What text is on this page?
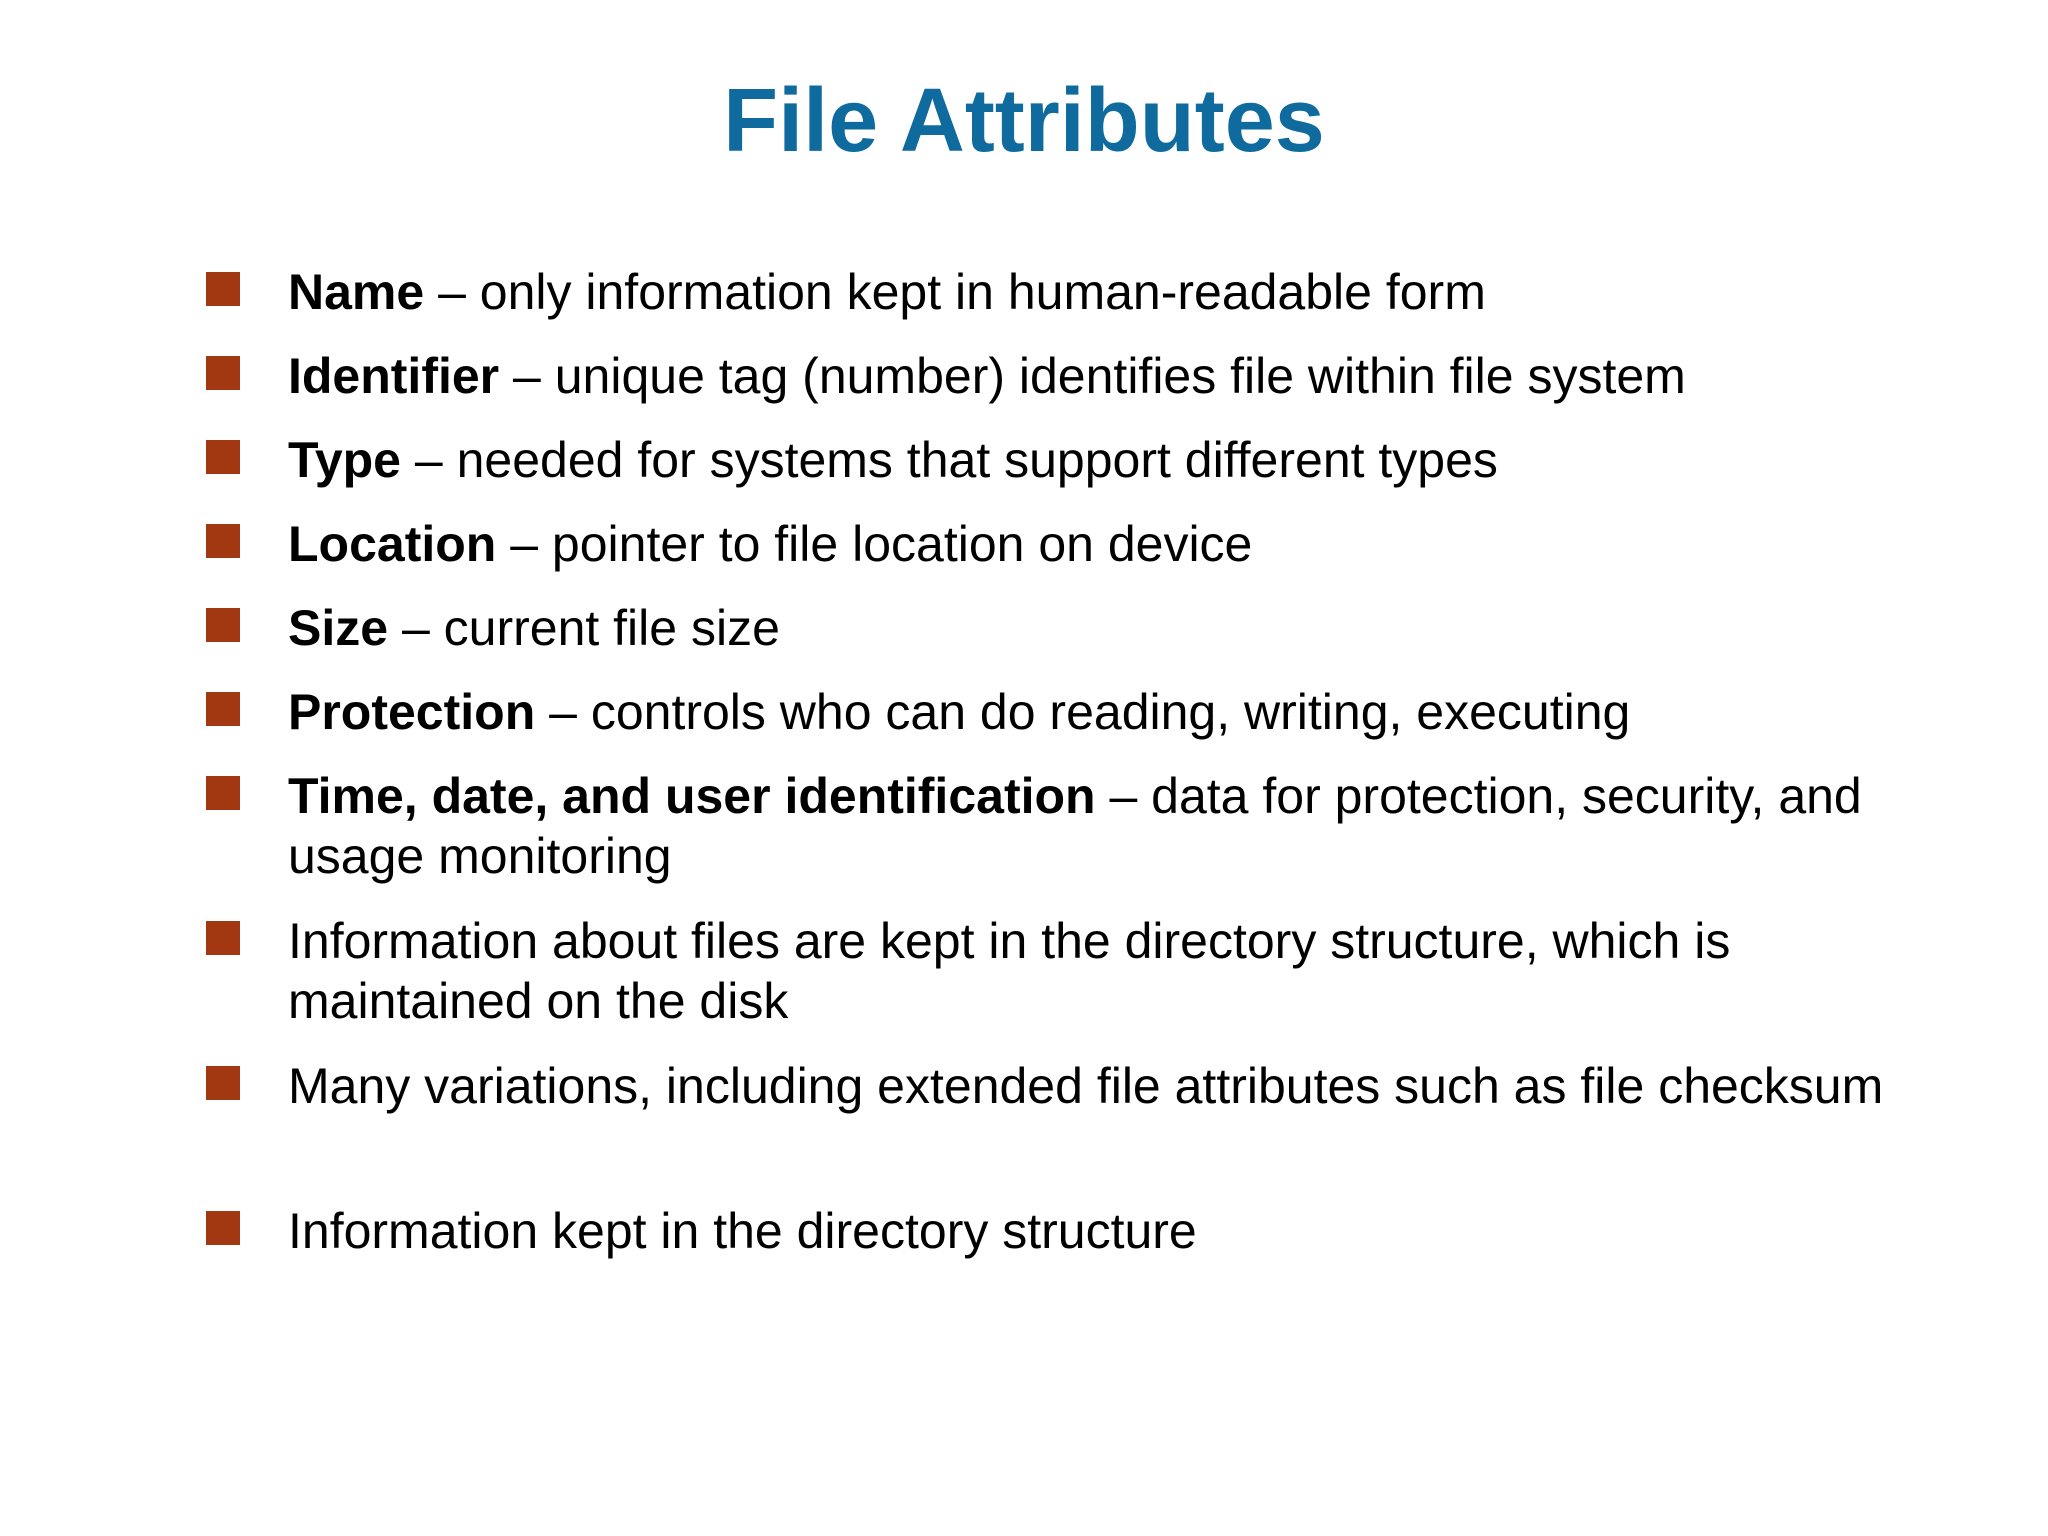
File Attributes
Name – only information kept in human-readable form
Identifier – unique tag (number) identifies file within file system
Type – needed for systems that support different types
Location – pointer to file location on device
Size – current file size
Protection – controls who can do reading, writing, executing
Time, date, and user identification – data for protection, security, and usage monitoring
Information about files are kept in the directory structure, which is maintained on the disk
Many variations, including extended file attributes such as file checksum
Information kept in the directory structure
